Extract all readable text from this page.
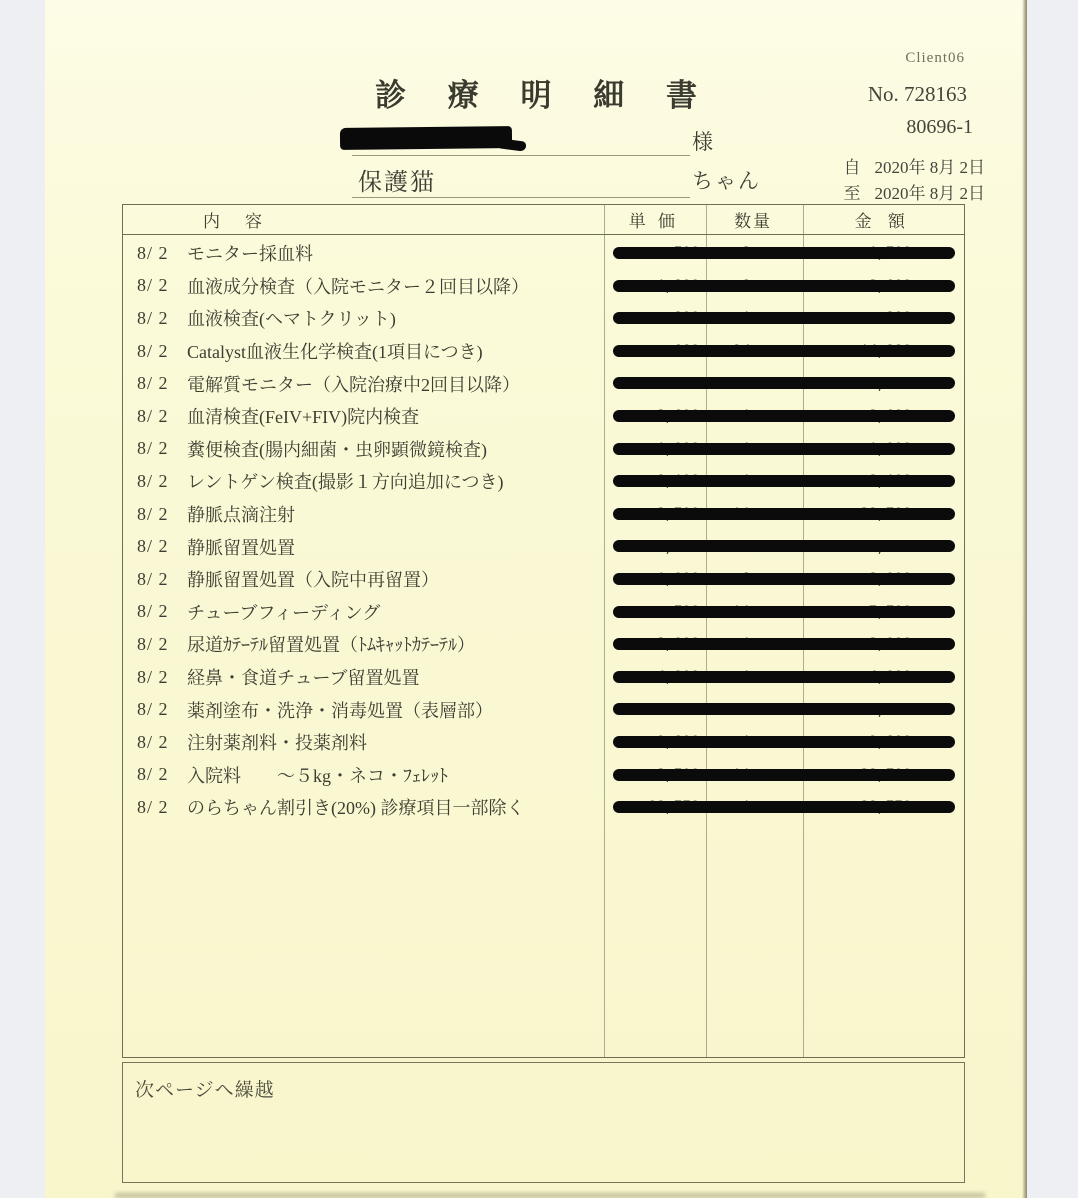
Client06
診 療 明 細 書	No. 728163
80696-1
自 2020年 8月 2日
至 2020年 8月 2日
様
保護猫	ちゃん
内　容	単 価	数量	金 額
8/ 2	モニター採血料
8/ 2	血液成分検査（入院モニター２回目以降）
8/ 2	血液検査(ヘマトクリット)
8/ 2	Catalyst血液生化学検査(1項目につき)
8/ 2	電解質モニター（入院治療中2回目以降）
8/ 2	血清検査(FeIV+FIV)院内検査
8/ 2	糞便検査(腸内細菌・虫卵顕微鏡検査)
8/ 2	レントゲン検査(撮影１方向追加につき)
8/ 2	静脈点滴注射
8/ 2	静脈留置処置
8/ 2	静脈留置処置（入院中再留置）
8/ 2	チューブフィーディング
8/ 2	尿道ｶﾃｰﾃﾙ留置処置（ﾄﾑｷｬｯﾄｶﾃｰﾃﾙ）
8/ 2	経鼻・食道チューブ留置処置
8/ 2	薬剤塗布・洗浄・消毒処置（表層部）
8/ 2	注射薬剤料・投薬剤料
8/ 2	入院料　　～５kg・ネコ・ﾌｪﾚｯﾄ
8/ 2	のらちゃん割引き(20%) 診療項目一部除く
次ページへ繰越
